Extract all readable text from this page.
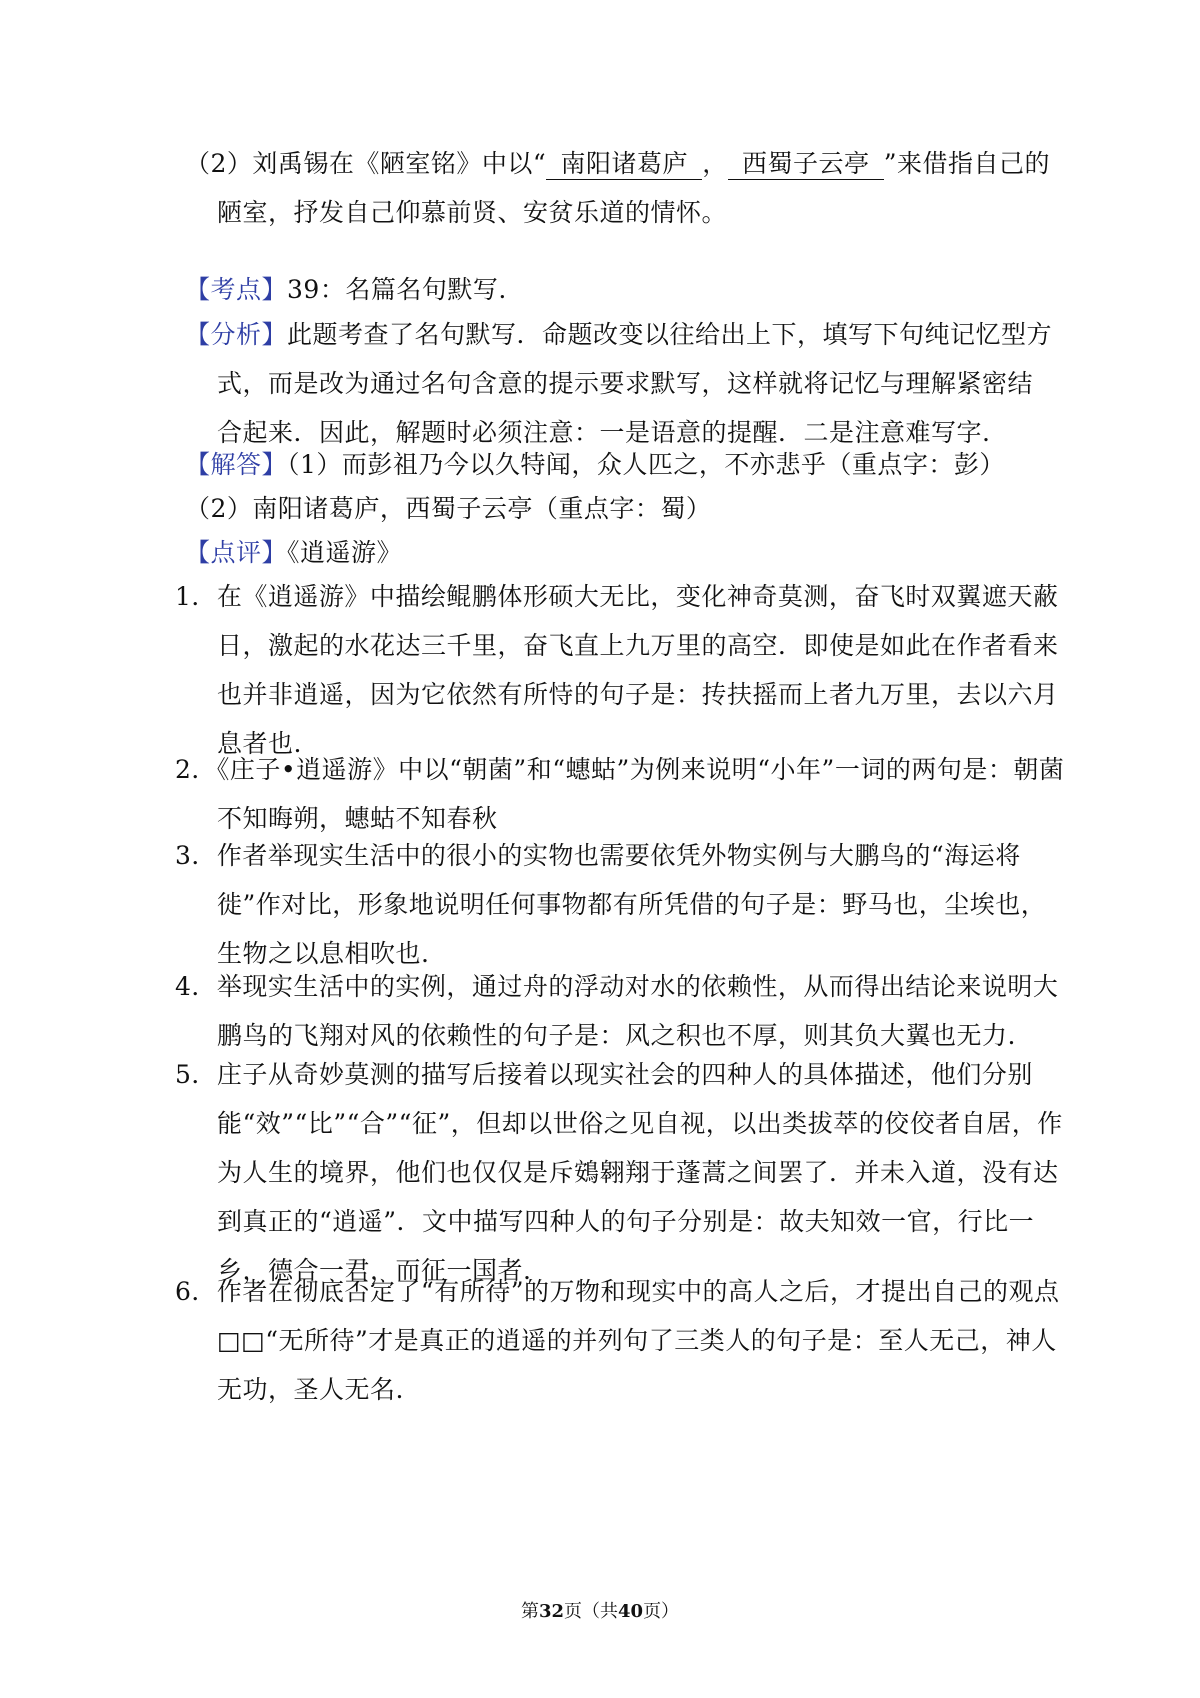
（2）刘禹锡在《陋室铭》中以“ 南阳诸葛庐 ， 西蜀子云亭 ”来借指自己的陋室，抒发自己仰慕前贤、安贫乐道的情怀。
【考点】39：名篇名句默写.
【分析】此题考查了名句默写．命题改变以往给出上下，填写下句纯记忆型方式，而是改为通过名句含意的提示要求默写，这样就将记忆与理解紧密结合起来．因此，解题时必须注意：一是语意的提醒．二是注意难写字.
【解答】（1）而彭祖乃今以久特闻，众人匹之，不亦悲乎（重点字：彭）
（2）南阳诸葛庐，西蜀子云亭（重点字：蜀）
【点评】《逍遥游》
1．在《逍遥游》中描绘鲲鹏体形硕大无比，变化神奇莫测，奋飞时双翼遮天蔽日，激起的水花达三千里，奋飞直上九万里的高空．即使是如此在作者看来也并非逍遥，因为它依然有所恃的句子是：抟扶摇而上者九万里，去以六月息者也.
2．《庄子•逍遥游》中以“朝菌”和“蟪蛄”为例来说明“小年”一词的两句是：朝菌不知晦朔，蟪蛄不知春秋
3．作者举现实生活中的很小的实物也需要依凭外物实例与大鹏鸟的“海运将徙”作对比，形象地说明任何事物都有所凭借的句子是：野马也，尘埃也，生物之以息相吹也.
4．举现实生活中的实例，通过舟的浮动对水的依赖性，从而得出结论来说明大鹏鸟的飞翔对风的依赖性的句子是：风之积也不厚，则其负大翼也无力.
5．庄子从奇妙莫测的描写后接着以现实社会的四种人的具体描述，他们分别能“效”“比”“合”“征”，但却以世俗之见自视，以出类拔萃的佼佼者自居，作为人生的境界，他们也仅仅是斥鴳翱翔于蓬蒿之间罢了．并未入道，没有达到真正的“逍遥”．文中描写四种人的句子分别是：故夫知效一官，行比一乡，德合一君，而征一国者.
6．作者在彻底否定了“有所待”的万物和现实中的高人之后，才提出自己的观点□□“无所待”才是真正的逍遥的并列句了三类人的句子是：至人无己，神人无功，圣人无名.
第32页（共40页）
